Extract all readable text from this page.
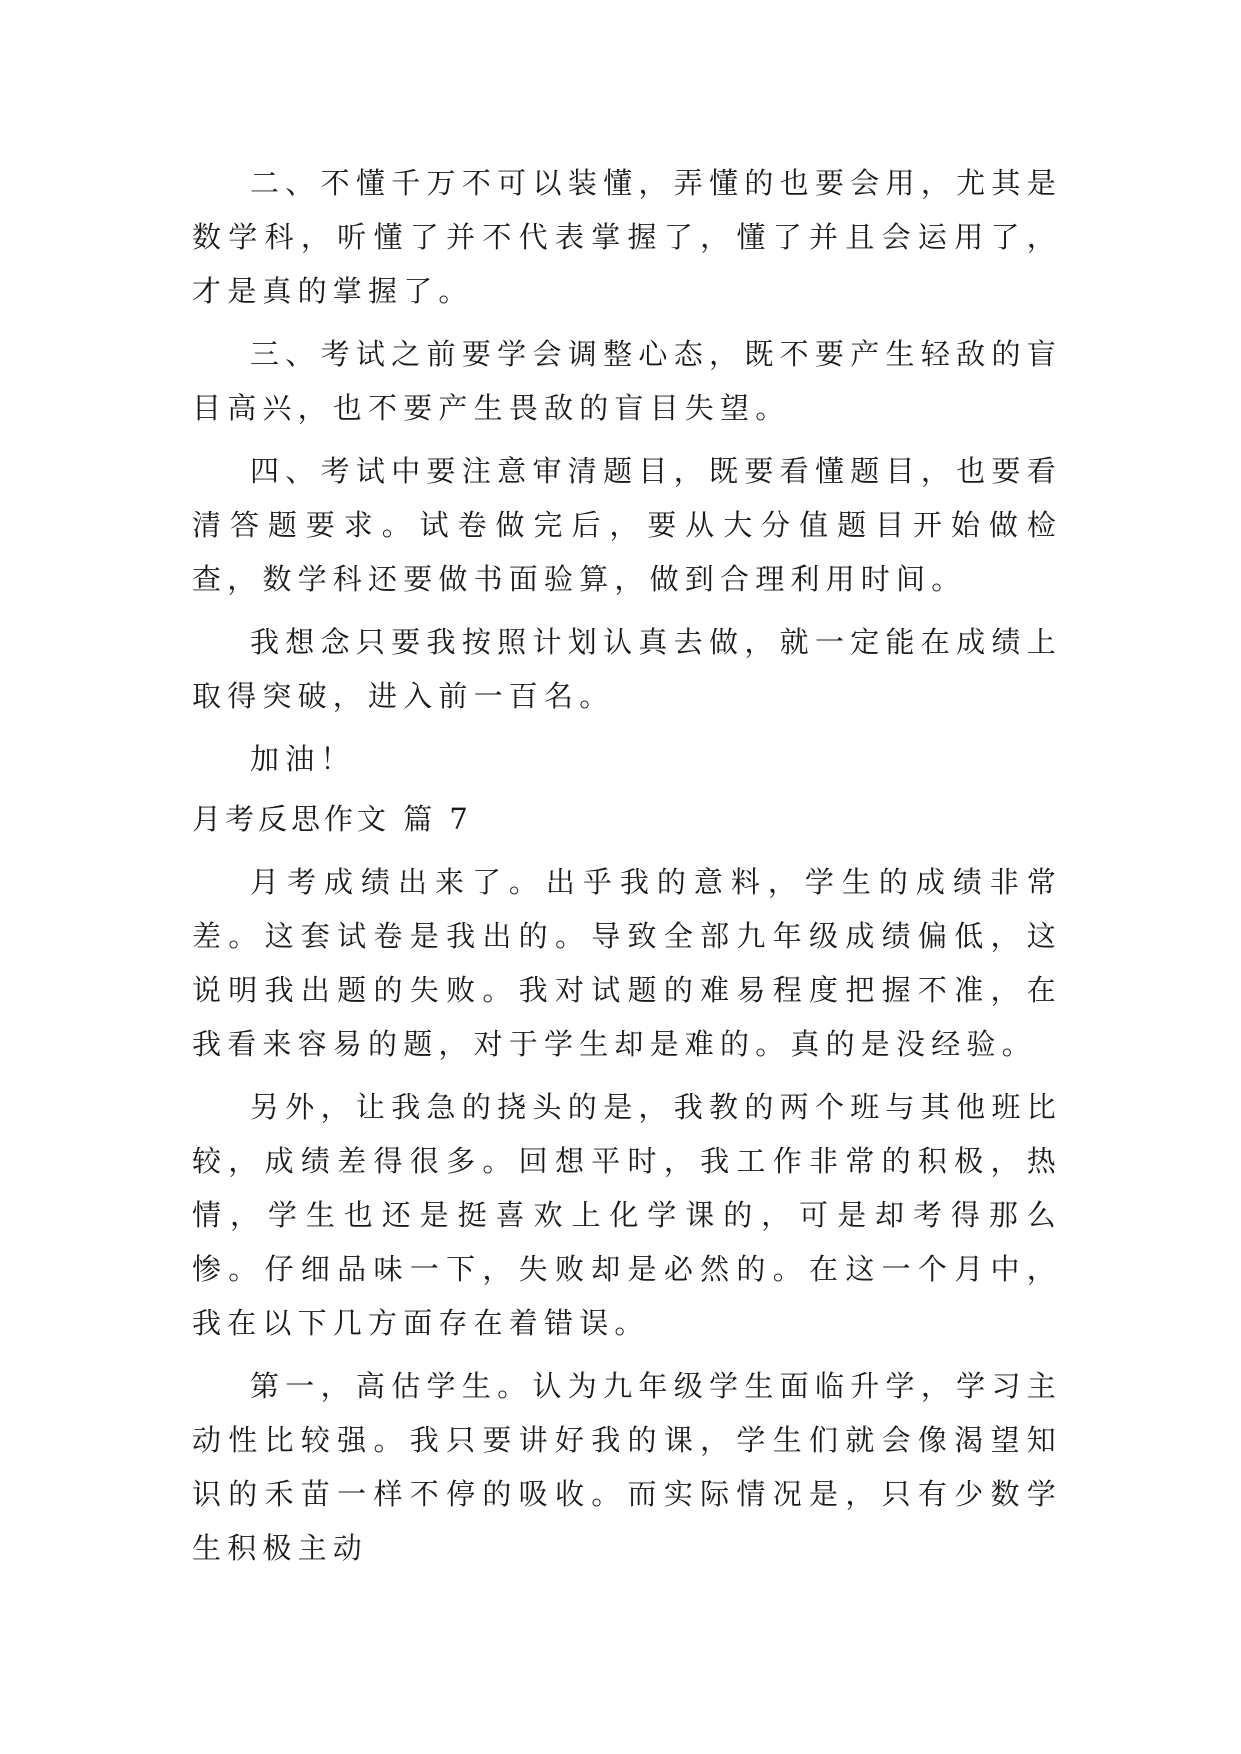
二、不懂千万不可以装懂，弄懂的也要会用，尤其是数学科，听懂了并不代表掌握了，懂了并且会运用了，才是真的掌握了。

三、考试之前要学会调整心态，既不要产生轻敌的盲目高兴，也不要产生畏敌的盲目失望。

四、考试中要注意审清题目，既要看懂题目，也要看清答题要求。试卷做完后，要从大分值题目开始做检查，数学科还要做书面验算，做到合理利用时间。

我想念只要我按照计划认真去做，就一定能在成绩上取得突破，进入前一百名。

加油！

月考反思作文 篇 7

月考成绩出来了。出乎我的意料，学生的成绩非常差。这套试卷是我出的。导致全部九年级成绩偏低，这说明我出题的失败。我对试题的难易程度把握不准，在我看来容易的题，对于学生却是难的。真的是没经验。

另外，让我急的挠头的是，我教的两个班与其他班比较，成绩差得很多。回想平时，我工作非常的积极，热情，学生也还是挺喜欢上化学课的，可是却考得那么惨。仔细品味一下，失败却是必然的。在这一个月中，我在以下几方面存在着错误。

第一，高估学生。认为九年级学生面临升学，学习主动性比较强。我只要讲好我的课，学生们就会像渴望知识的禾苗一样不停的吸收。而实际情况是，只有少数学生积极主动
